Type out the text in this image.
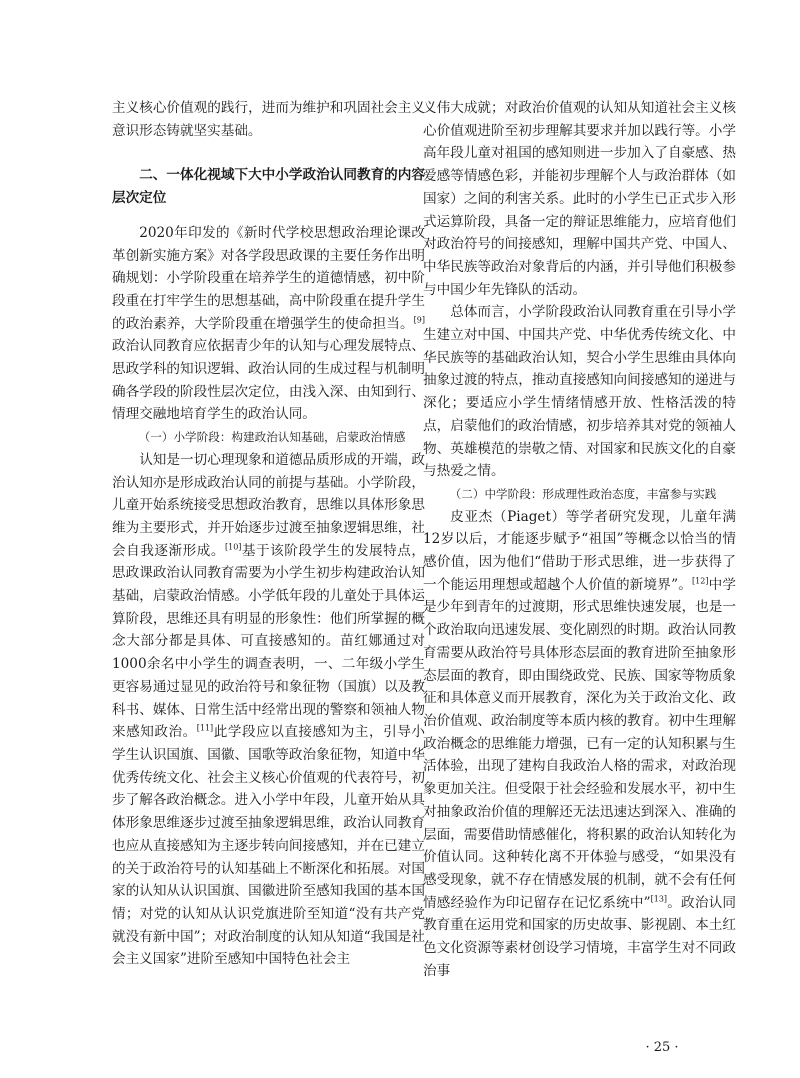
主义核心价值观的践行，进而为维护和巩固社会主义意识形态铸就坚实基础。

二、一体化视域下大中小学政治认同教育的内容层次定位

2020年印发的《新时代学校思想政治理论课改革创新实施方案》对各学段思政课的主要任务作出明确规划：小学阶段重在培养学生的道德情感，初中阶段重在打牢学生的思想基础，高中阶段重在提升学生的政治素养，大学阶段重在增强学生的使命担当。[9]政治认同教育应依据青少年的认知与心理发展特点、思政学科的知识逻辑、政治认同的生成过程与机制明确各学段的阶段性层次定位，由浅入深、由知到行、情理交融地培育学生的政治认同。

（一）小学阶段：构建政治认知基础，启蒙政治情感

认知是一切心理现象和道德品质形成的开端，政治认知亦是形成政治认同的前提与基础。小学阶段，儿童开始系统接受思想政治教育，思维以具体形象思维为主要形式，并开始逐步过渡至抽象逻辑思维，社会自我逐渐形成。[10]基于该阶段学生的发展特点，思政课政治认同教育需要为小学生初步构建政治认知基础，启蒙政治情感。小学低年段的儿童处于具体运算阶段，思维还具有明显的形象性：他们所掌握的概念大部分都是具体、可直接感知的。苗红娜通过对1000余名中小学生的调查表明，一、二年级小学生更容易通过显见的政治符号和象征物（国旗）以及教科书、媒体、日常生活中经常出现的警察和领袖人物来感知政治。[11]此学段应以直接感知为主，引导小学生认识国旗、国徽、国歌等政治象征物，知道中华优秀传统文化、社会主义核心价值观的代表符号，初步了解各政治概念。进入小学中年段，儿童开始从具体形象思维逐步过渡至抽象逻辑思维，政治认同教育也应从直接感知为主逐步转向间接感知，并在已建立的关于政治符号的认知基础上不断深化和拓展。对国家的认知从认识国旗、国徽进阶至感知我国的基本国情；对党的认知从认识党旗进阶至知道“没有共产党就没有新中国”；对政治制度的认知从知道“我国是社会主义国家”进阶至感知中国特色社会主

义伟大成就；对政治价值观的认知从知道社会主义核心价值观进阶至初步理解其要求并加以践行等。小学高年段儿童对祖国的感知则进一步加入了自豪感、热爱感等情感色彩，并能初步理解个人与政治群体（如国家）之间的利害关系。此时的小学生已正式步入形式运算阶段，具备一定的辩证思维能力，应培育他们对政治符号的间接感知，理解中国共产党、中国人、中华民族等政治对象背后的内涵，并引导他们积极参与中国少年先锋队的活动。

总体而言，小学阶段政治认同教育重在引导小学生建立对中国、中国共产党、中华优秀传统文化、中华民族等的基础政治认知，契合小学生思维由具体向抽象过渡的特点，推动直接感知向间接感知的递进与深化；要适应小学生情绪情感开放、性格活泼的特点，启蒙他们的政治情感，初步培养其对党的领袖人物、英雄模范的崇敬之情、对国家和民族文化的自豪与热爱之情。

（二）中学阶段：形成理性政治态度，丰富参与实践

皮亚杰（Piaget）等学者研究发现，儿童年满12岁以后，才能逐步赋予“祖国”等概念以恰当的情感价值，因为他们“借助于形式思维，进一步获得了一个能运用理想或超越个人价值的新境界”。[12]中学是少年到青年的过渡期，形式思维快速发展，也是一个政治取向迅速发展、变化剧烈的时期。政治认同教育需要从政治符号具体形态层面的教育进阶至抽象形态层面的教育，即由围绕政党、民族、国家等物质象征和具体意义而开展教育，深化为关于政治文化、政治价值观、政治制度等本质内核的教育。初中生理解政治概念的思维能力增强，已有一定的认知积累与生活体验，出现了建构自我政治人格的需求，对政治现象更加关注。但受限于社会经验和发展水平，初中生对抽象政治价值的理解还无法迅速达到深入、准确的层面，需要借助情感催化，将积累的政治认知转化为价值认同。这种转化离不开体验与感受，“如果没有感受现象，就不存在情感发展的机制，就不会有任何情感经验作为印记留存在记忆系统中”[13]。政治认同教育重在运用党和国家的历史故事、影视剧、本土红色文化资源等素材创设学习情境，丰富学生对不同政治事

· 25 ·
